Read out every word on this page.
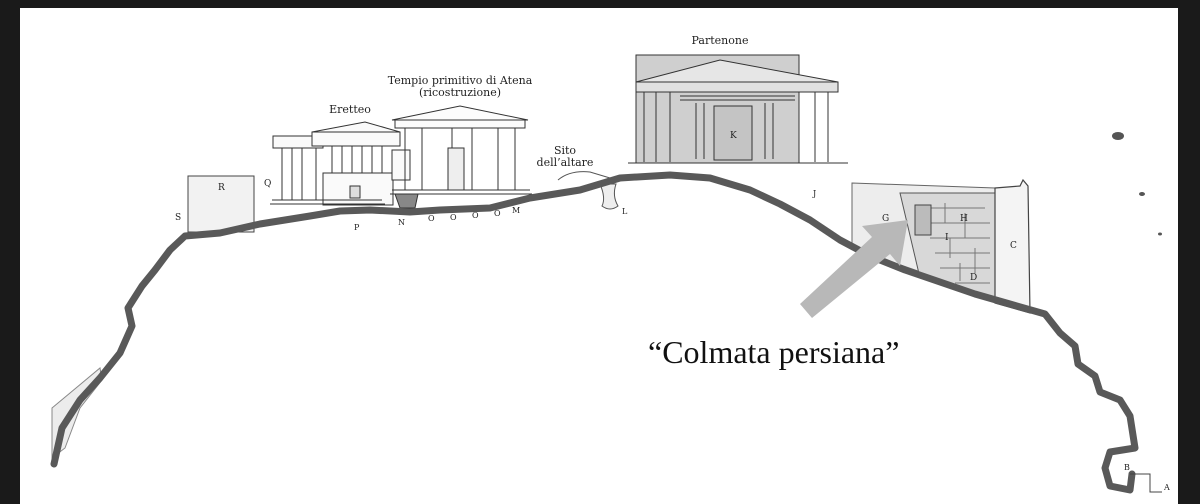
G	H
I
D
C
R	Q
S
K
B
A
Partenone
Tempio primitivo di Atena
(ricostruzione)
Eretteo
Sito
dell’altare
P
N	O O O O M	L
J
“Colmata persiana”
